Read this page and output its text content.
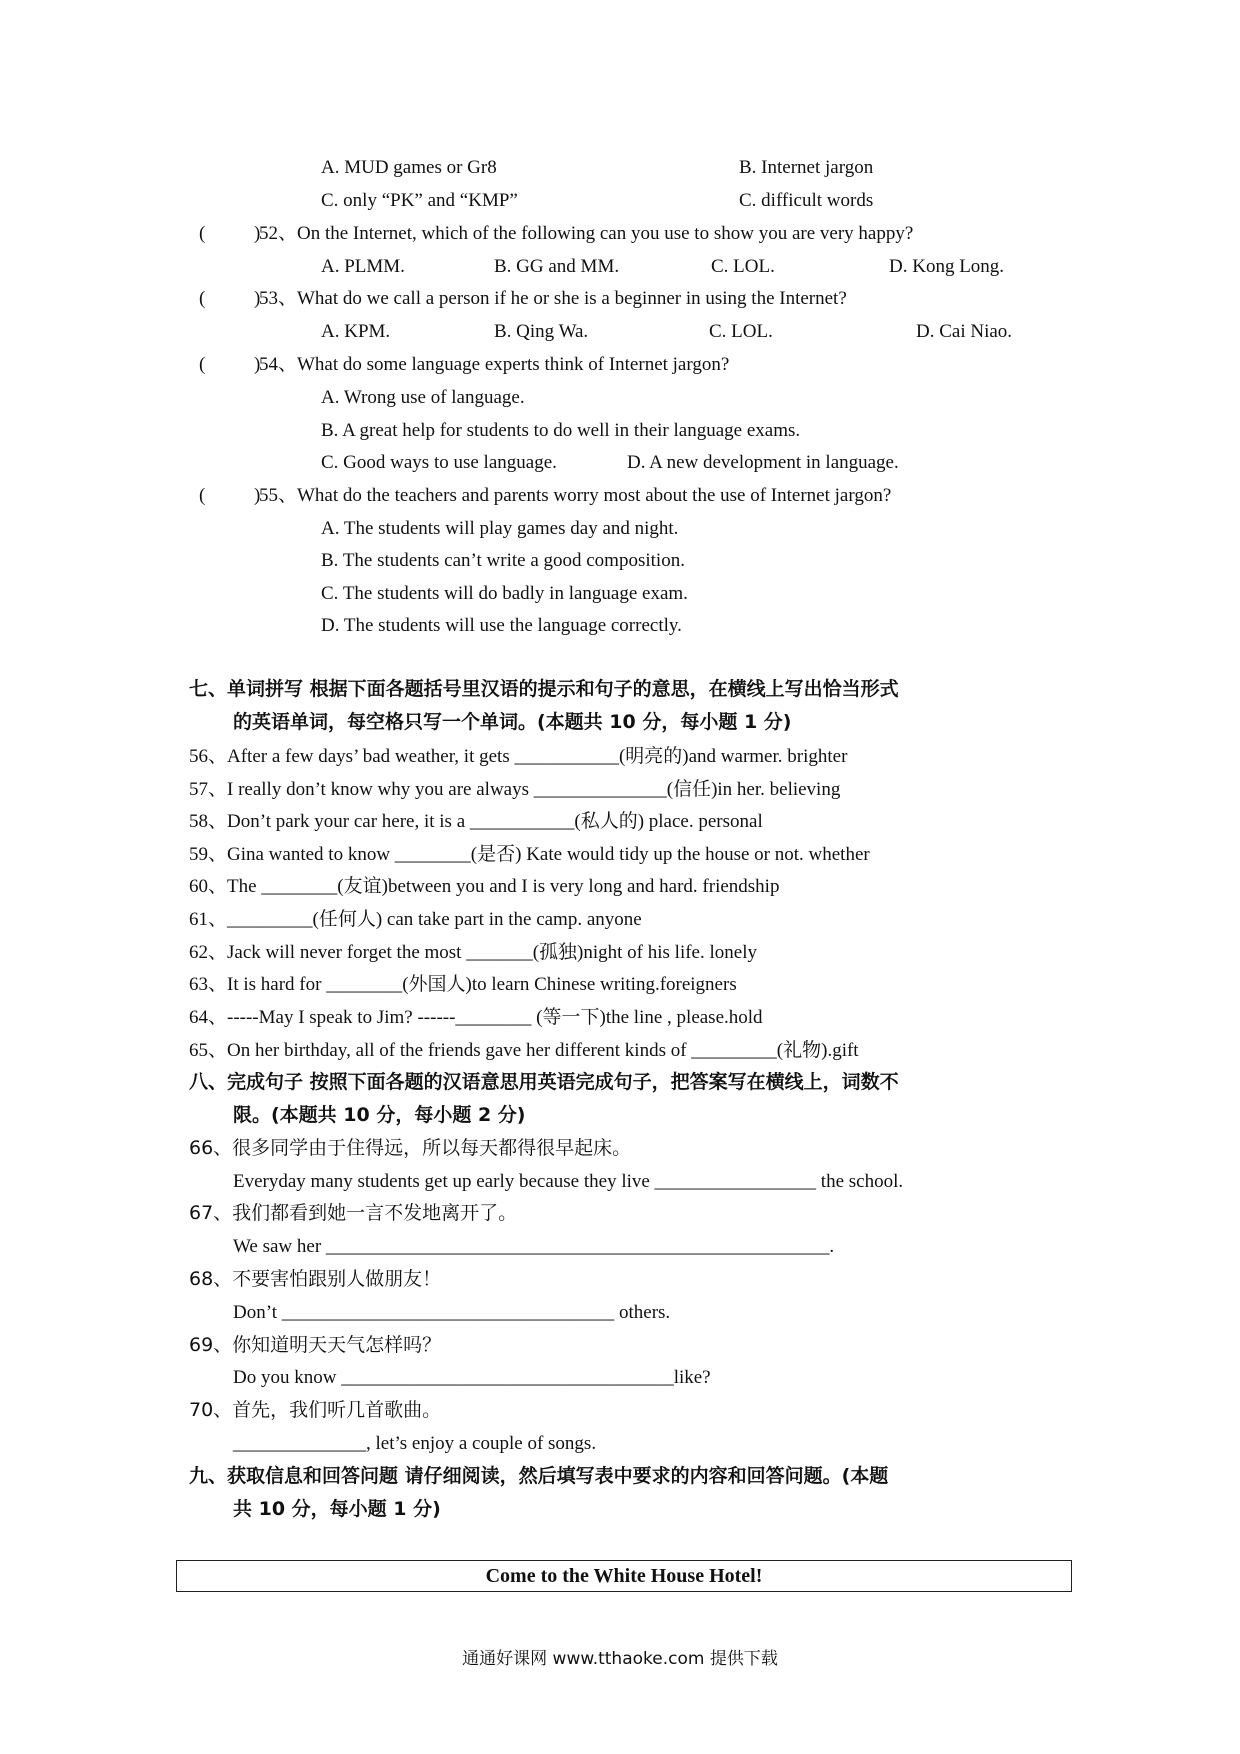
A. MUD games or Gr8	B. Internet jargon
C. only “PK” and “KMP”	C. difficult words
(	)
52、On the Internet, which of the following can you use to show you are very happy?
A. PLMM.	B. GG and MM.	C. LOL.	D. Kong Long.
(	)
53、What do we call a person if he or she is a beginner in using the Internet?
A. KPM.	B. Qing Wa.	C. LOL.	D. Cai Niao.
(	)
54、What do some language experts think of Internet jargon?
A. Wrong use of language.
B. A great help for students to do well in their language exams.
C. Good ways to use language.	D. A new development in language.
(	)
55、What do the teachers and parents worry most about the use of Internet jargon?
A. The students will play games day and night.
B. The students can’t write a good composition.
C. The students will do badly in language exam.
D. The students will use the language correctly.
七、单词拼写 根据下面各题括号里汉语的提示和句子的意思，在横线上写出恰当形式
的英语单词，每空格只写一个单词。(本题共 10 分，每小题 1 分)
56、After a few days’ bad weather, it gets ___________(明亮的)and warmer. brighter
57、I really don’t know why you are always ______________(信任)in her. believing
58、Don’t park your car here, it is a ___________(私人的) place. personal
59、Gina wanted to know ________(是否) Kate would tidy up the house or not. whether
60、The ________(友谊)between you and I is very long and hard. friendship
61、_________(任何人) can take part in the camp. anyone
62、Jack will never forget the most _______(孤独)night of his life. lonely
63、It is hard for ________(外国人)to learn Chinese writing.foreigners
64、-----May I speak to Jim? ------________ (等一下)the line , please.hold
65、On her birthday, all of the friends gave her different kinds of _________(礼物).gift
八、完成句子 按照下面各题的汉语意思用英语完成句子，把答案写在横线上，词数不
限。(本题共 10 分，每小题 2 分)
66、很多同学由于住得远，所以每天都得很早起床。
Everyday many students get up early because they live _________________ the school.
67、我们都看到她一言不发地离开了。
We saw her _____________________________________________________.
68、不要害怕跟别人做朋友！
Don’t ___________________________________ others.
69、你知道明天天气怎样吗？
Do you know ___________________________________like?
70、首先，我们听几首歌曲。
______________, let’s enjoy a couple of songs.
九、获取信息和回答问题 请仔细阅读，然后填写表中要求的内容和回答问题。(本题
共 10 分，每小题 1 分)
Come to the White House Hotel!
通通好课网 www.tthaoke.com 提供下载
